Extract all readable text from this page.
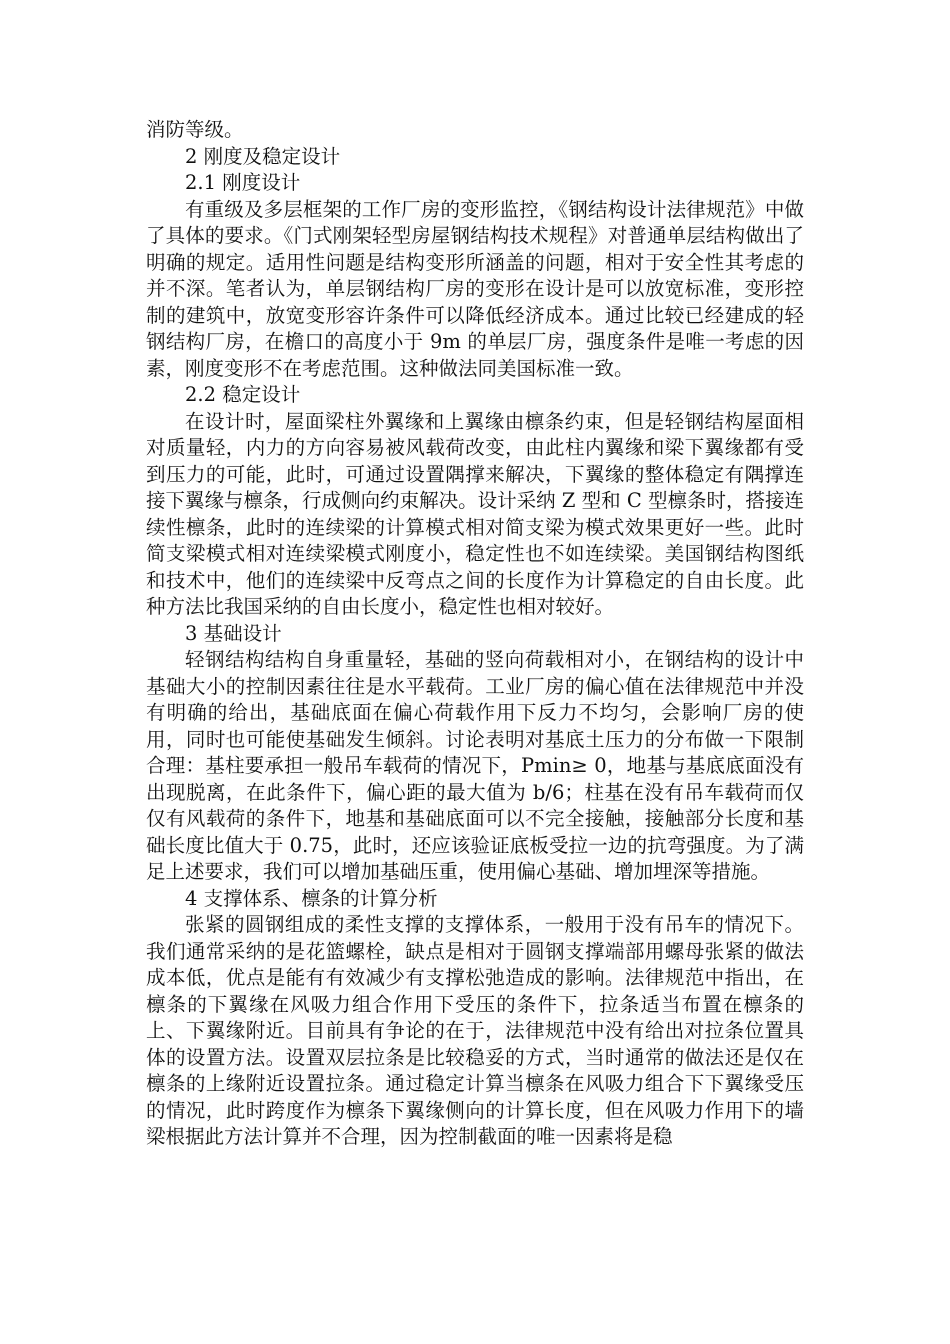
消防等级。

2 刚度及稳定设计

2.1 刚度设计

有重级及多层框架的工作厂房的变形监控，《钢结构设计法律规范》中做了具体的要求。《门式刚架轻型房屋钢结构技术规程》对普通单层结构做出了明确的规定。适用性问题是结构变形所涵盖的问题，相对于安全性其考虑的并不深。笔者认为，单层钢结构厂房的变形在设计是可以放宽标准，变形控制的建筑中，放宽变形容许条件可以降低经济成本。通过比较已经建成的轻钢结构厂房，在檐口的高度小于 9m 的单层厂房，强度条件是唯一考虑的因素，刚度变形不在考虑范围。这种做法同美国标准一致。

2.2 稳定设计

在设计时，屋面梁柱外翼缘和上翼缘由檩条约束，但是轻钢结构屋面相对质量轻，内力的方向容易被风载荷改变，由此柱内翼缘和梁下翼缘都有受到压力的可能，此时，可通过设置隅撑来解决，下翼缘的整体稳定有隅撑连接下翼缘与檩条，行成侧向约束解决。设计采纳 Z 型和 C 型檩条时，搭接连续性檩条，此时的连续梁的计算模式相对简支梁为模式效果更好一些。此时简支梁模式相对连续梁模式刚度小，稳定性也不如连续梁。美国钢结构图纸和技术中，他们的连续梁中反弯点之间的长度作为计算稳定的自由长度。此种方法比我国采纳的自由长度小，稳定性也相对较好。

3 基础设计

轻钢结构结构自身重量轻，基础的竖向荷载相对小，在钢结构的设计中基础大小的控制因素往往是水平载荷。工业厂房的偏心值在法律规范中并没有明确的给出，基础底面在偏心荷载作用下反力不均匀，会影响厂房的使用，同时也可能使基础发生倾斜。讨论表明对基底土压力的分布做一下限制合理：基柱要承担一般吊车载荷的情况下，Pmin≥ 0，地基与基底底面没有出现脱离，在此条件下，偏心距的最大值为 b/6；柱基在没有吊车载荷而仅仅有风载荷的条件下，地基和基础底面可以不完全接触，接触部分长度和基础长度比值大于 0.75，此时，还应该验证底板受拉一边的抗弯强度。为了满足上述要求，我们可以增加基础压重，使用偏心基础、增加埋深等措施。

4 支撑体系、檩条的计算分析

张紧的圆钢组成的柔性支撑的支撑体系，一般用于没有吊车的情况下。我们通常采纳的是花篮螺栓，缺点是相对于圆钢支撑端部用螺母张紧的做法成本低，优点是能有有效减少有支撑松弛造成的影响。法律规范中指出，在檩条的下翼缘在风吸力组合作用下受压的条件下，拉条适当布置在檩条的上、下翼缘附近。目前具有争论的在于，法律规范中没有给出对拉条位置具体的设置方法。设置双层拉条是比较稳妥的方式，当时通常的做法还是仅在檩条的上缘附近设置拉条。通过稳定计算当檩条在风吸力组合下下翼缘受压的情况，此时跨度作为檩条下翼缘侧向的计算长度，但在风吸力作用下的墙梁根据此方法计算并不合理，因为控制截面的唯一因素将是稳
